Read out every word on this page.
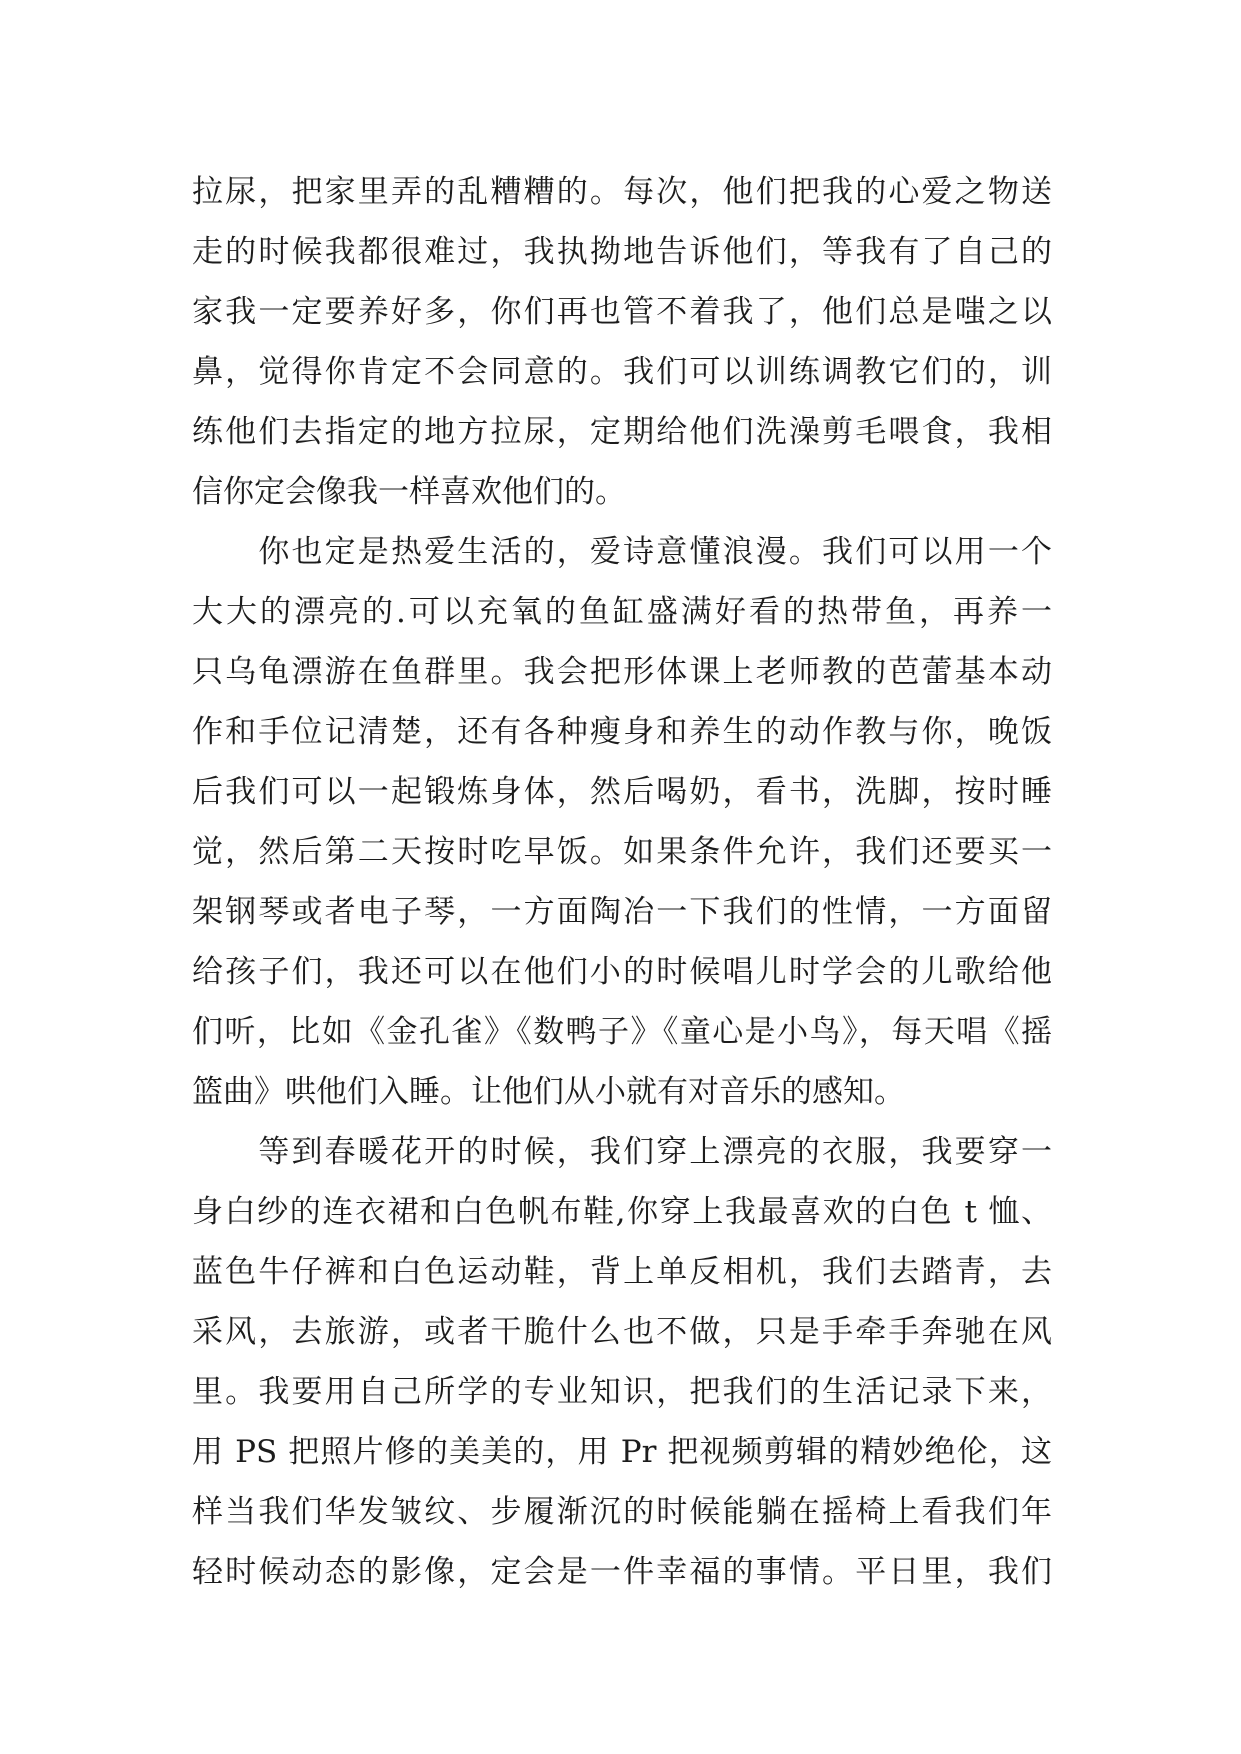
拉尿，把家里弄的乱糟糟的。每次，他们把我的心爱之物送
走的时候我都很难过，我执拗地告诉他们，等我有了自己的
家我一定要养好多，你们再也管不着我了，他们总是嗤之以
鼻，觉得你肯定不会同意的。我们可以训练调教它们的，训
练他们去指定的地方拉尿，定期给他们洗澡剪毛喂食，我相
信你定会像我一样喜欢他们的。
　　你也定是热爱生活的，爱诗意懂浪漫。我们可以用一个
大大的漂亮的.可以充氧的鱼缸盛满好看的热带鱼，再养一
只乌龟漂游在鱼群里。我会把形体课上老师教的芭蕾基本动
作和手位记清楚，还有各种瘦身和养生的动作教与你，晚饭
后我们可以一起锻炼身体，然后喝奶，看书，洗脚，按时睡
觉，然后第二天按时吃早饭。如果条件允许，我们还要买一
架钢琴或者电子琴，一方面陶冶一下我们的性情，一方面留
给孩子们，我还可以在他们小的时候唱儿时学会的儿歌给他
们听，比如《金孔雀》《数鸭子》《童心是小鸟》，每天唱《摇
篮曲》哄他们入睡。让他们从小就有对音乐的感知。
　　等到春暖花开的时候，我们穿上漂亮的衣服，我要穿一
身白纱的连衣裙和白色帆布鞋,你穿上我最喜欢的白色 t 恤、
蓝色牛仔裤和白色运动鞋，背上单反相机，我们去踏青，去
采风，去旅游，或者干脆什么也不做，只是手牵手奔驰在风
里。我要用自己所学的专业知识，把我们的生活记录下来，
用 PS 把照片修的美美的，用 Pr 把视频剪辑的精妙绝伦，这
样当我们华发皱纹、步履渐沉的时候能躺在摇椅上看我们年
轻时候动态的影像，定会是一件幸福的事情。平日里，我们
